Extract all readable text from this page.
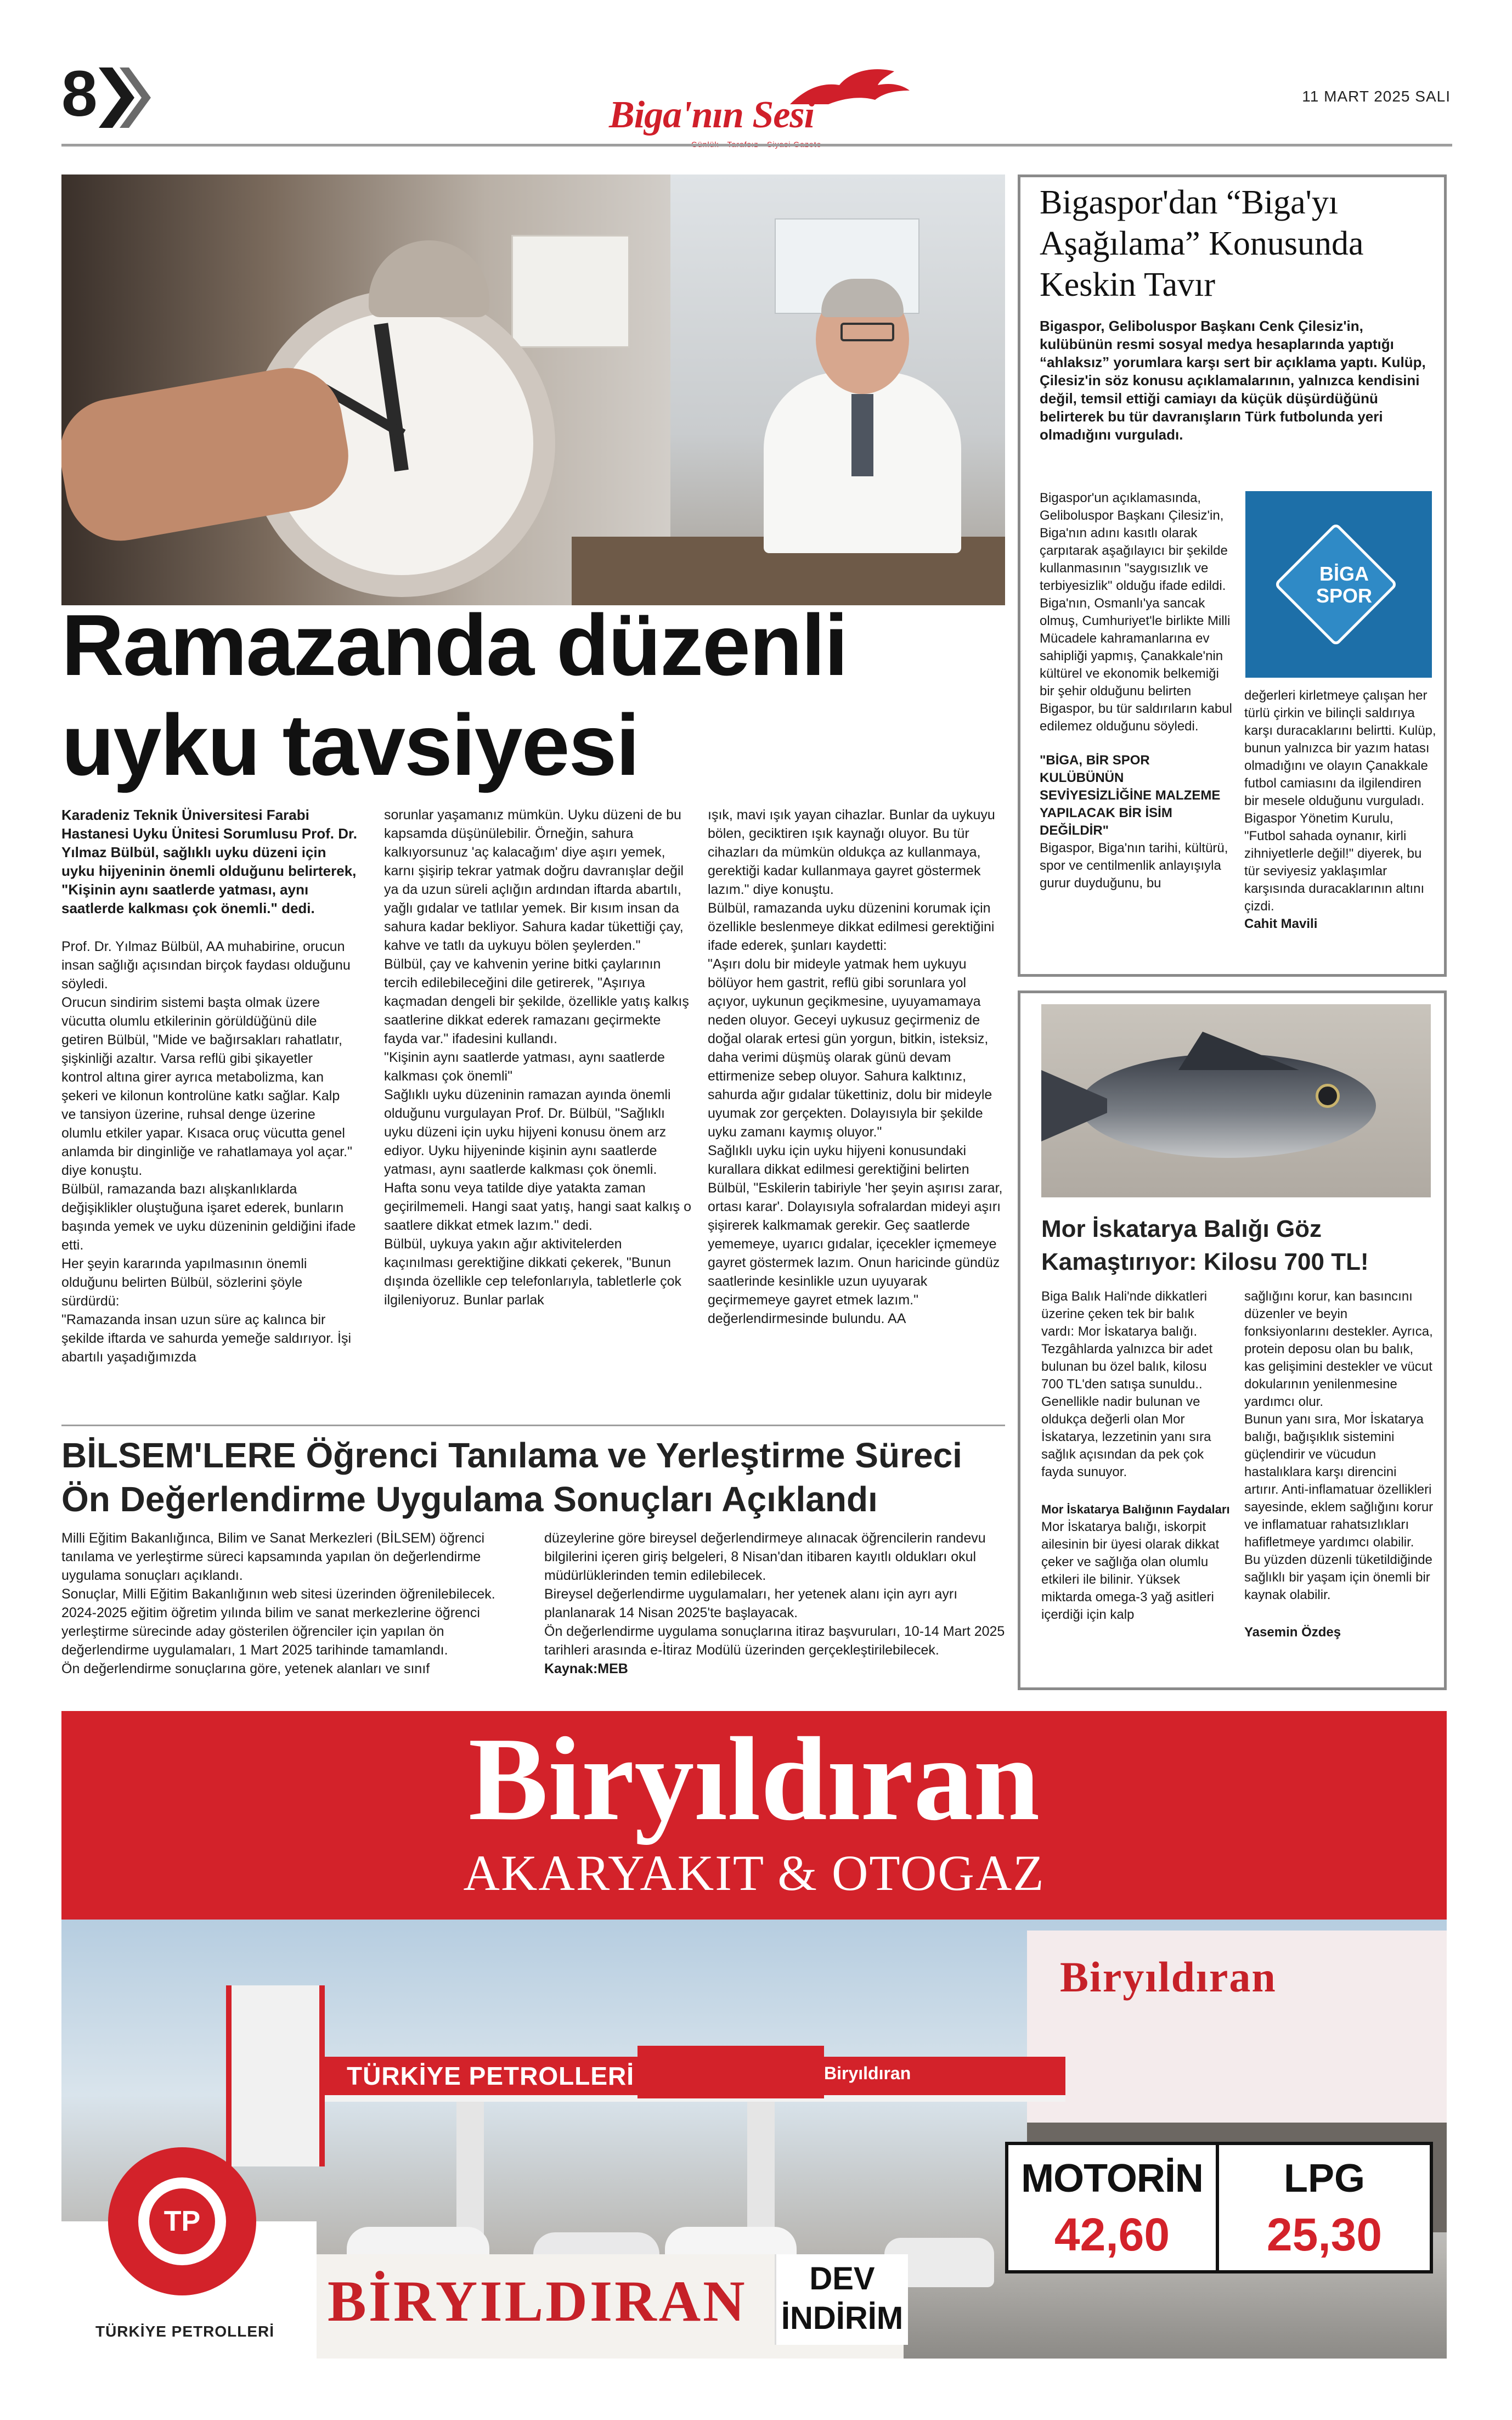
8	Biga'nın Sesi	11 MART 2025 SALI
Ramazanda düzenli uyku tavsiyesi
Karadeniz Teknik Üniversitesi Farabi Hastanesi Uyku Ünitesi Sorumlusu Prof. Dr. Yılmaz Bülbül, sağlıklı uyku düzeni için uyku hijyeninin önemli olduğunu belirterek, "Kişinin aynı saatlerde yatması, aynı saatlerde kalkması çok önemli." dedi.
Prof. Dr. Yılmaz Bülbül, AA muhabirine, orucun insan sağlığı açısından birçok faydası olduğunu söyledi.
Orucun sindirim sistemi başta olmak üzere vücutta olumlu etkilerinin görüldüğünü dile getiren Bülbül, "Mide ve bağırsakları rahatlatır, şişkinliği azaltır. Varsa reflü gibi şikayetler kontrol altına girer ayrıca metabolizma, kan şekeri ve kilonun kontrolüne katkı sağlar. Kalp ve tansiyon üzerine, ruhsal denge üzerine olumlu etkiler yapar. Kısaca oruç vücutta genel anlamda bir dinginliğe ve rahatlamaya yol açar." diye konuştu.
Bülbül, ramazanda bazı alışkanlıklarda değişiklikler oluştuğuna işaret ederek, bunların başında yemek ve uyku düzeninin geldiğini ifade etti.
Her şeyin kararında yapılmasının önemli olduğunu belirten Bülbül, sözlerini şöyle sürdürdü:
"Ramazanda insan uzun süre aç kalınca bir şekilde iftarda ve sahurda yemeğe saldırıyor. İşi abartılı yaşadığımızda
sorunlar yaşamanız mümkün. Uyku düzeni de bu kapsamda düşünülebilir. Örneğin, sahura kalkıyorsunuz 'aç kalacağım' diye aşırı yemek, karnı şişirip tekrar yatmak doğru davranışlar değil ya da uzun süreli açlığın ardından iftarda abartılı, yağlı gıdalar ve tatlılar yemek. Bir kısım insan da sahura kadar bekliyor. Sahura kadar tükettiği çay, kahve ve tatlı da uykuyu bölen şeylerden."
Bülbül, çay ve kahvenin yerine bitki çaylarının tercih edilebileceğini dile getirerek, "Aşırıya kaçmadan dengeli bir şekilde, özellikle yatış kalkış saatlerine dikkat ederek ramazanı geçirmekte fayda var." ifadesini kullandı.
"Kişinin aynı saatlerde yatması, aynı saatlerde kalkması çok önemli"
Sağlıklı uyku düzeninin ramazan ayında önemli olduğunu vurgulayan Prof. Dr. Bülbül, "Sağlıklı uyku düzeni için uyku hijyeni konusu önem arz ediyor. Uyku hijyeninde kişinin aynı saatlerde yatması, aynı saatlerde kalkması çok önemli. Hafta sonu veya tatilde diye yatakta zaman geçirilmemeli. Hangi saat yatış, hangi saat kalkış o saatlere dikkat etmek lazım." dedi.
Bülbül, uykuya yakın ağır aktivitelerden kaçınılması gerektiğine dikkati çekerek, "Bunun dışında özellikle cep telefonlarıyla, tabletlerle çok ilgileniyoruz. Bunlar parlak
ışık, mavi ışık yayan cihazlar. Bunlar da uykuyu bölen, geciktiren ışık kaynağı oluyor. Bu tür cihazları da mümkün oldukça az kullanmaya, gerektiği kadar kullanmaya gayret göstermek lazım." diye konuştu.
Bülbül, ramazanda uyku düzenini korumak için özellikle beslenmeye dikkat edilmesi gerektiğini ifade ederek, şunları kaydetti:
"Aşırı dolu bir mideyle yatmak hem uykuyu bölüyor hem gastrit, reflü gibi sorunlara yol açıyor, uykunun geçikmesine, uyuyamamaya neden oluyor. Geceyi uykusuz geçirmeniz de doğal olarak ertesi gün yorgun, bitkin, isteksiz, daha verimi düşmüş olarak günü devam ettirmenize sebep oluyor. Sahura kalktınız, sahurda ağır gıdalar tükettiniz, dolu bir mideyle uyumak zor gerçekten. Dolayısıyla bir şekilde uyku zamanı kaymış oluyor."
Sağlıklı uyku için uyku hijyeni konusundaki kurallara dikkat edilmesi gerektiğini belirten Bülbül, "Eskilerin tabiriyle 'her şeyin aşırısı zarar, ortası karar'. Dolayısıyla sofralardan mideyi aşırı şişirerek kalkmamak gerekir. Geç saatlerde yememeye, uyarıcı gıdalar, içecekler içmemeye gayret göstermek lazım. Onun haricinde gündüz saatlerinde kesinlikle uzun uyuyarak geçirmemeye gayret etmek lazım." değerlendirmesinde bulundu. AA
BİLSEM'LERE Öğrenci Tanılama ve Yerleştirme Süreci Ön Değerlendirme Uygulama Sonuçları Açıklandı
Milli Eğitim Bakanlığınca, Bilim ve Sanat Merkezleri (BİLSEM) öğrenci tanılama ve yerleştirme süreci kapsamında yapılan ön değerlendirme uygulama sonuçları açıklandı.
Sonuçlar, Milli Eğitim Bakanlığının web sitesi üzerinden öğrenilebilecek. 2024-2025 eğitim öğretim yılında bilim ve sanat merkezlerine öğrenci yerleştirme sürecinde aday gösterilen öğrenciler için yapılan ön değerlendirme uygulamaları, 1 Mart 2025 tarihinde tamamlandı.
Ön değerlendirme sonuçlarına göre, yetenek alanları ve sınıf
düzeylerine göre bireysel değerlendirmeye alınacak öğrencilerin randevu bilgilerini içeren giriş belgeleri, 8 Nisan'dan itibaren kayıtlı oldukları okul müdürlüklerinden temin edilebilecek.
Bireysel değerlendirme uygulamaları, her yetenek alanı için ayrı ayrı planlanarak 14 Nisan 2025'te başlayacak.
Ön değerlendirme uygulama sonuçlarına itiraz başvuruları, 10-14 Mart 2025 tarihleri arasında e-İtiraz Modülü üzerinden gerçekleştirilebilecek.
Kaynak:MEB
Bigaspor'dan “Biga'yı Aşağılama” Konusunda Keskin Tavır
Bigaspor, Gelibolu​spor Başkanı Cenk Çilesiz'in, kulübünün resmi sosyal medya hesaplarında yaptığı “ahlaksız” yorumlara karşı sert bir açıklama yaptı. Kulüp, Çilesiz'in söz konusu açıklamalarının, yalnızca kendisini değil, temsil ettiği camiayı da küçük düşürdüğünü belirterek bu tür davranışların Türk futbolunda yeri olmadığını vurguladı.
Bigaspor'un açıklamasında, Gelibolu​spor Başkanı Çilesiz'in, Biga'nın adını kasıtlı olarak çarpıtarak aşağılayıcı bir şekilde kullanmasının "saygısızlık ve terbiyesizlik" olduğu ifade edildi. Biga'nın, Osmanlı'ya sancak olmuş, Cumhuriyet'le birlikte Milli Mücadele kahramanlarına ev sahipliği yapmış, Çanakkale'nin kültürel ve ekonomik belkemiği bir şehir olduğunu belirten Bigaspor, bu tür saldırıların kabul edilemez olduğunu söyledi.
"BİGA, BİR SPOR KULÜBÜNÜN SEVİYESİZLİĞİNE MALZEME YAPILACAK BİR İSİM DEĞİLDİR"
Bigaspor, Biga'nın tarihi, kültürü, spor ve centilmenlik anlayışıyla gurur duyduğunu, bu
BİGA
SPOR
değerleri kirletmeye çalışan her türlü çirkin ve bilinçli saldırıya karşı duracaklarını belirtti. Kulüp, bunun yalnızca bir yazım hatası olmadığını ve olayın Çanakkale futbol camiasını da ilgilendiren bir mesele olduğunu vurguladı.
Bigaspor Yönetim Kurulu, "Futbol sahada oynanır, kirli zihniyetlerle değil!" diyerek, bu tür seviyesiz yaklaşımlar karşısında duracaklarının altını çizdi.
Cahit Mavili
Mor İskatarya Balığı Göz Kamaştırıyor: Kilosu 700 TL!
Biga Balık Hali'nde dikkatleri üzerine çeken tek bir balık vardı: Mor İskatarya balığı. Tezgâhlarda yalnızca bir adet bulunan bu özel balık, kilosu 700 TL'den satışa sunuldu.. Genellikle nadir bulunan ve oldukça değerli olan Mor İskatarya, lezzetinin yanı sıra sağlık açısından da pek çok fayda sunuyor.
Mor İskatarya Balığının Faydaları
Mor İskatarya balığı, iskorpit ailesinin bir üyesi olarak dikkat çeker ve sağlığa olan olumlu etkileri ile bilinir. Yüksek miktarda omega-3 yağ asitleri içerdiği için kalp
sağlığını korur, kan basıncını düzenler ve beyin fonksiyonlarını destekler. Ayrıca, protein deposu olan bu balık, kas gelişimini destekler ve vücut dokularının yenilenmesine yardımcı olur.
Bunun yanı sıra, Mor İskatarya balığı, bağışıklık sistemini güçlendirir ve vücudun hastalıklara karşı direncini artırır. Anti-inflamatuar özellikleri sayesinde, eklem sağlığını korur ve inflamatuar rahatsızlıkları hafifletmeye yardımcı olabilir. Bu yüzden düzenli tüketildiğinde sağlıklı bir yaşam için önemli bir kaynak olabilir.
Yasemin Özdeş
Biryıldıran
AKARYAKIT & OTOGAZ
Biryıldıran
TÜRKİYE PETROLLERİ	Biryıldıran
TP
TÜRKİYE PETROLLERİ BİRYILDIRAN	DEV
İNDİRİM
MOTORİN
42,60
LPG
25,30
